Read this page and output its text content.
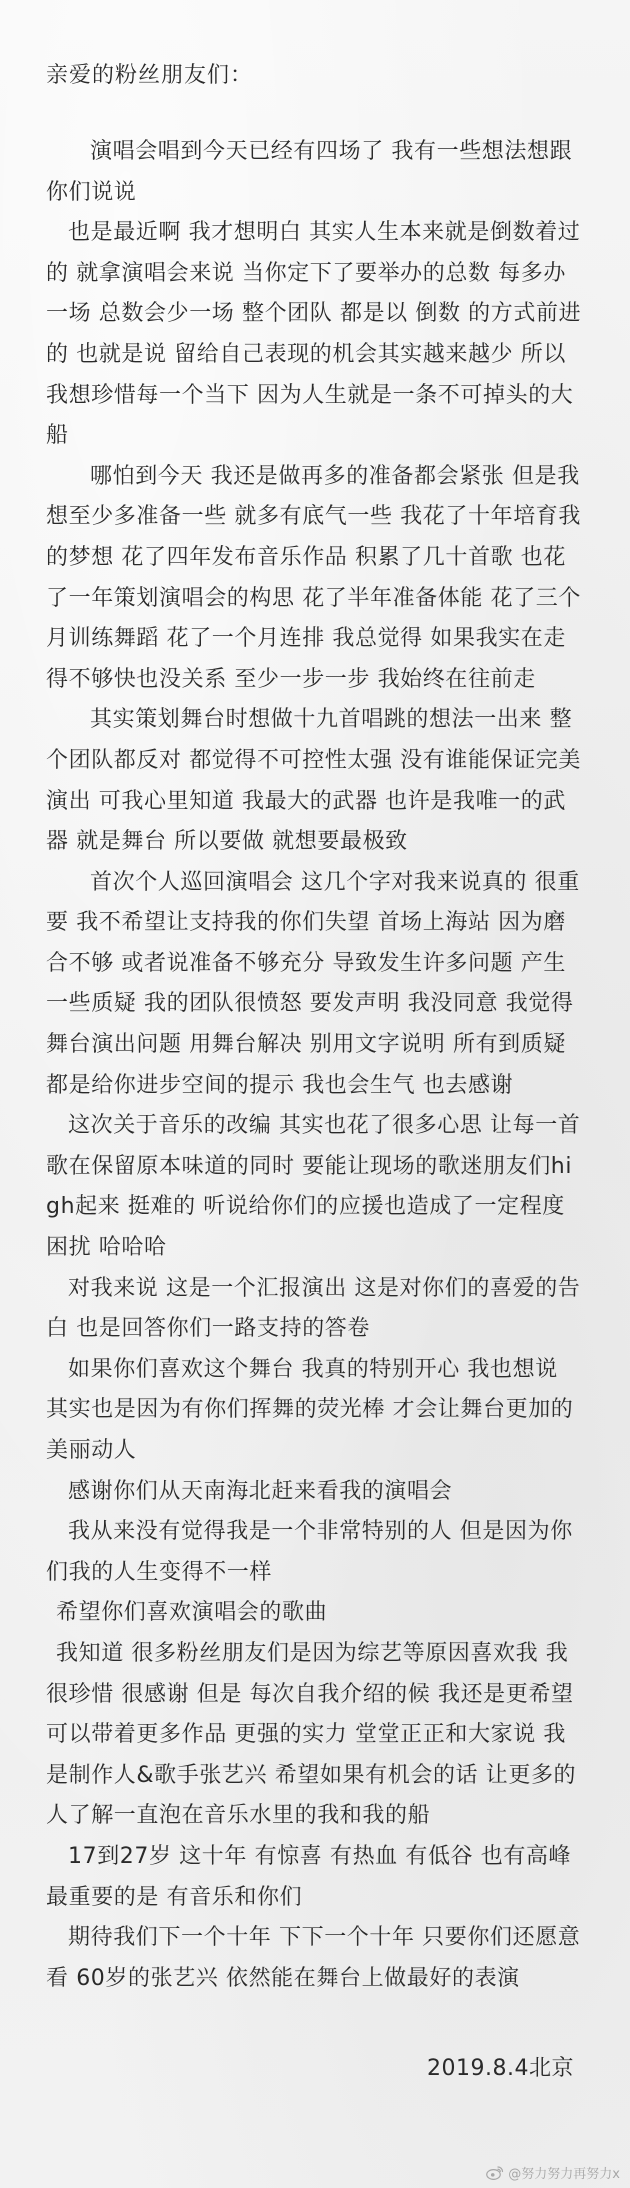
亲爱的粉丝朋友们：

演唱会唱到今天已经有四场了 我有一些想法想跟你们说说

也是最近啊 我才想明白 其实人生本来就是倒数着过的 就拿演唱会来说 当你定下了要举办的总数 每多办一场 总数会少一场 整个团队 都是以 倒数 的方式前进的 也就是说 留给自己表现的机会其实越来越少 所以 我想珍惜每一个当下 因为人生就是一条不可掉头的大船

哪怕到今天 我还是做再多的准备都会紧张 但是我想至少多准备一些 就多有底气一些 我花了十年培育我的梦想 花了四年发布音乐作品 积累了几十首歌 也花了一年策划演唱会的构思 花了半年准备体能 花了三个月训练舞蹈 花了一个月连排 我总觉得 如果我实在走得不够快也没关系 至少一步一步 我始终在往前走

其实策划舞台时想做十九首唱跳的想法一出来 整个团队都反对 都觉得不可控性太强 没有谁能保证完美演出 可我心里知道 我最大的武器 也许是我唯一的武器 就是舞台 所以要做 就想要最极致

首次个人巡回演唱会 这几个字对我来说真的 很重要 我不希望让支持我的你们失望 首场上海站 因为磨合不够 或者说准备不够充分 导致发生许多问题 产生一些质疑 我的团队很愤怒 要发声明 我没同意 我觉得 舞台演出问题 用舞台解决 别用文字说明 所有到质疑都是给你进步空间的提示 我也会生气 也去感谢

这次关于音乐的改编 其实也花了很多心思 让每一首歌在保留原本味道的同时 要能让现场的歌迷朋友们high起来 挺难的 听说给你们的应援也造成了一定程度困扰 哈哈哈

对我来说 这是一个汇报演出 这是对你们的喜爱的告白 也是回答你们一路支持的答卷

如果你们喜欢这个舞台 我真的特别开心 我也想说 其实也是因为有你们挥舞的荧光棒 才会让舞台更加的美丽动人

感谢你们从天南海北赶来看我的演唱会

我从来没有觉得我是一个非常特别的人 但是因为你们我的人生变得不一样

希望你们喜欢演唱会的歌曲

我知道 很多粉丝朋友们是因为综艺等原因喜欢我 我很珍惜 很感谢 但是 每次自我介绍的候 我还是更希望可以带着更多作品 更强的实力 堂堂正正和大家说 我是制作人&歌手张艺兴 希望如果有机会的话 让更多的人了解一直泡在音乐水里的我和我的船

17到27岁 这十年 有惊喜 有热血 有低谷 也有高峰 最重要的是 有音乐和你们

期待我们下一个十年 下下一个十年 只要你们还愿意看 60岁的张艺兴 依然能在舞台上做最好的表演

2019.8.4北京

@努力努力再努力x
